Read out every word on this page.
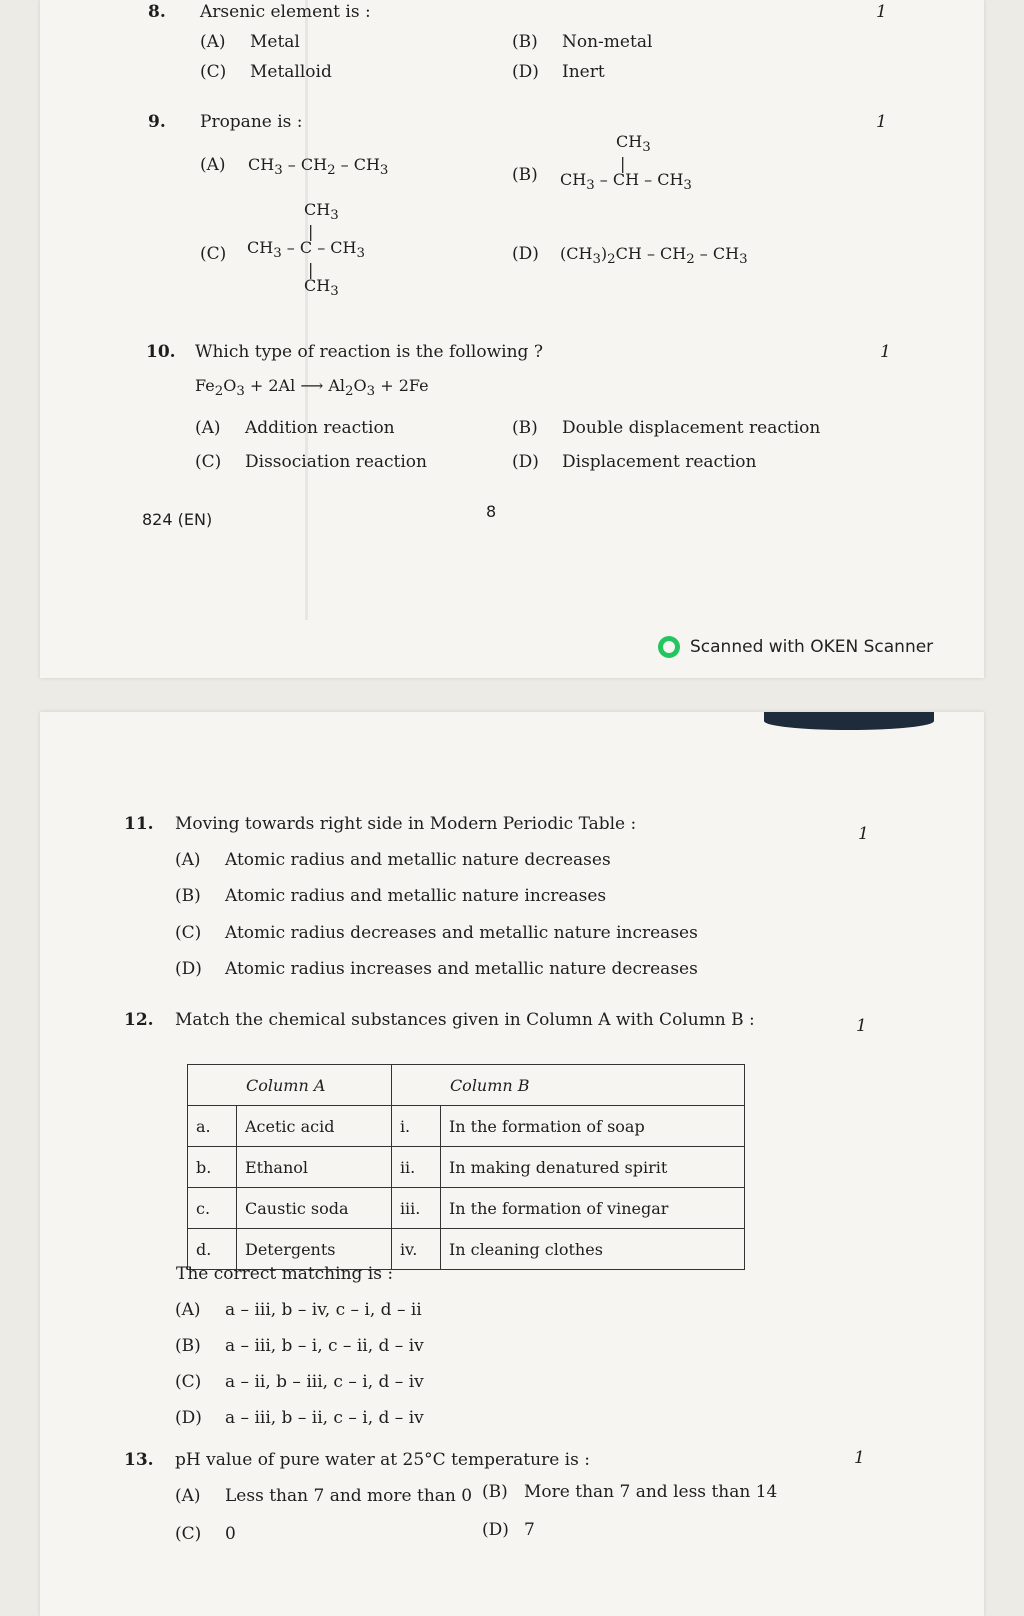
8. Arsenic element is :	1
(A) Metal	(B) Non-metal
(C) Metalloid	(D) Inert
9. Propane is :	1
(A) $CH_3 - CH_2 - CH_3$	(B)
$CH_3$
|
$CH_3$ – CH – $CH_3$
(C)
$CH_3$
|
$CH_3$ – C – $CH_3$
|
$CH_3$
(D) $(CH_3)_2CH - CH_2 - CH_3$
10. Which type of reaction is the following ?	1
$Fe_2O_3 + 2Al$ ⟶ $Al_2O_3 + 2Fe$
(A) Addition reaction	(B) Double displacement reaction
(C) Dissociation reaction	(D) Displacement reaction
824 (EN)	8
Scanned with OKEN Scanner
11. Moving towards right side in Modern Periodic Table :	1
(A) Atomic radius and metallic nature decreases
(B) Atomic radius and metallic nature increases
(C) Atomic radius decreases and metallic nature increases
(D) Atomic radius increases and metallic nature decreases
12. Match the chemical substances given in Column A with Column B :	1
Column A		Column B	
a.	Acetic acid	i.	In the formation of soap
b.	Ethanol	ii.	In making denatured spirit
c.	Caustic soda	iii.	In the formation of vinegar
d.	Detergents	iv.	In cleaning clothes
The correct matching is :
(A) a – iii, b – iv, c – i, d – ii
(B) a – iii, b – i, c – ii, d – iv
(C) a – ii, b – iii, c – i, d – iv
(D) a – iii, b – ii, c – i, d – iv
13. pH value of pure water at 25°C temperature is :	1
(A) Less than 7 and more than 0 (B) More than 7 and less than 14
(C) 0	(D) 7
